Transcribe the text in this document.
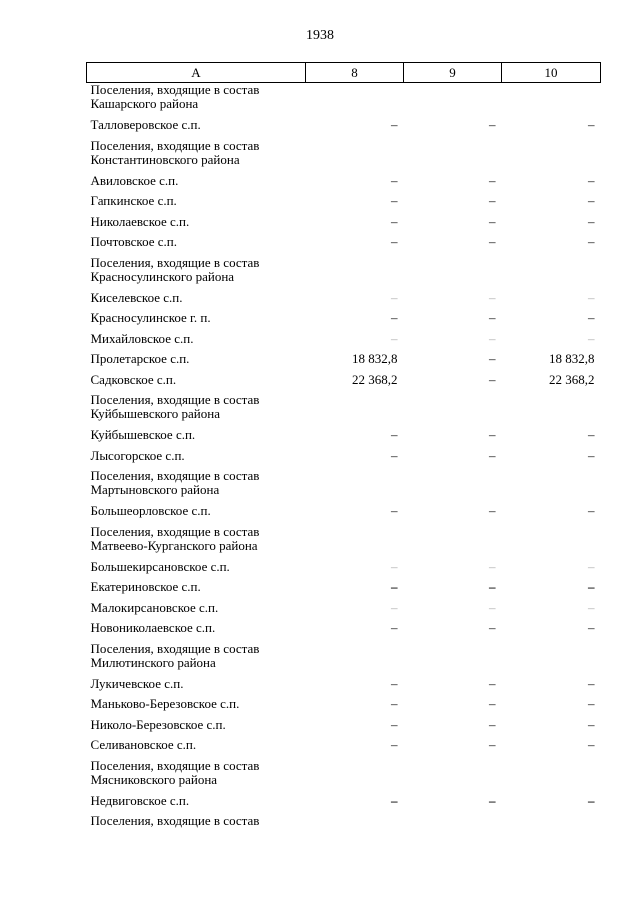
1938
А	8	9	10
Поселения, входящие в состав Кашарского района			
Талловеровское с.п.	–	–	–
Поселения, входящие в состав Константиновского района			
Авиловское с.п.	–	–	–
Гапкинское с.п.	–	–	–
Николаевское с.п.	–	–	–
Почтовское с.п.	–	–	–
Поселения, входящие в состав Красносулинского района			
Киселевское с.п.	–	–	–
Красносулинское г. п.	–	–	–
Михайловское с.п.	–	–	–
Пролетарское с.п.	18 832,8	–	18 832,8
Садковское с.п.	22 368,2	–	22 368,2
Поселения, входящие в состав Куйбышевского района			
Куйбышевское с.п.	–	–	–
Лысогорское с.п.	–	–	–
Поселения, входящие в состав Мартыновского района			
Большеорловское с.п.	–	–	–
Поселения, входящие в состав Матвеево-Курганского района			
Большекирсановское с.п.	–	–	–
Екатериновское с.п.	–	–	–
Малокирсановское с.п.	–	–	–
Новониколаевское с.п.	–	–	–
Поселения, входящие в состав Милютинского района			
Лукичевское с.п.	–	–	–
Маньково-Березовское с.п.	–	–	–
Николо-Березовское с.п.	–	–	–
Селивановское с.п.	–	–	–
Поселения, входящие в состав Мясниковского района			
Недвиговское с.п.	–	–	–
Поселения, входящие в состав			
